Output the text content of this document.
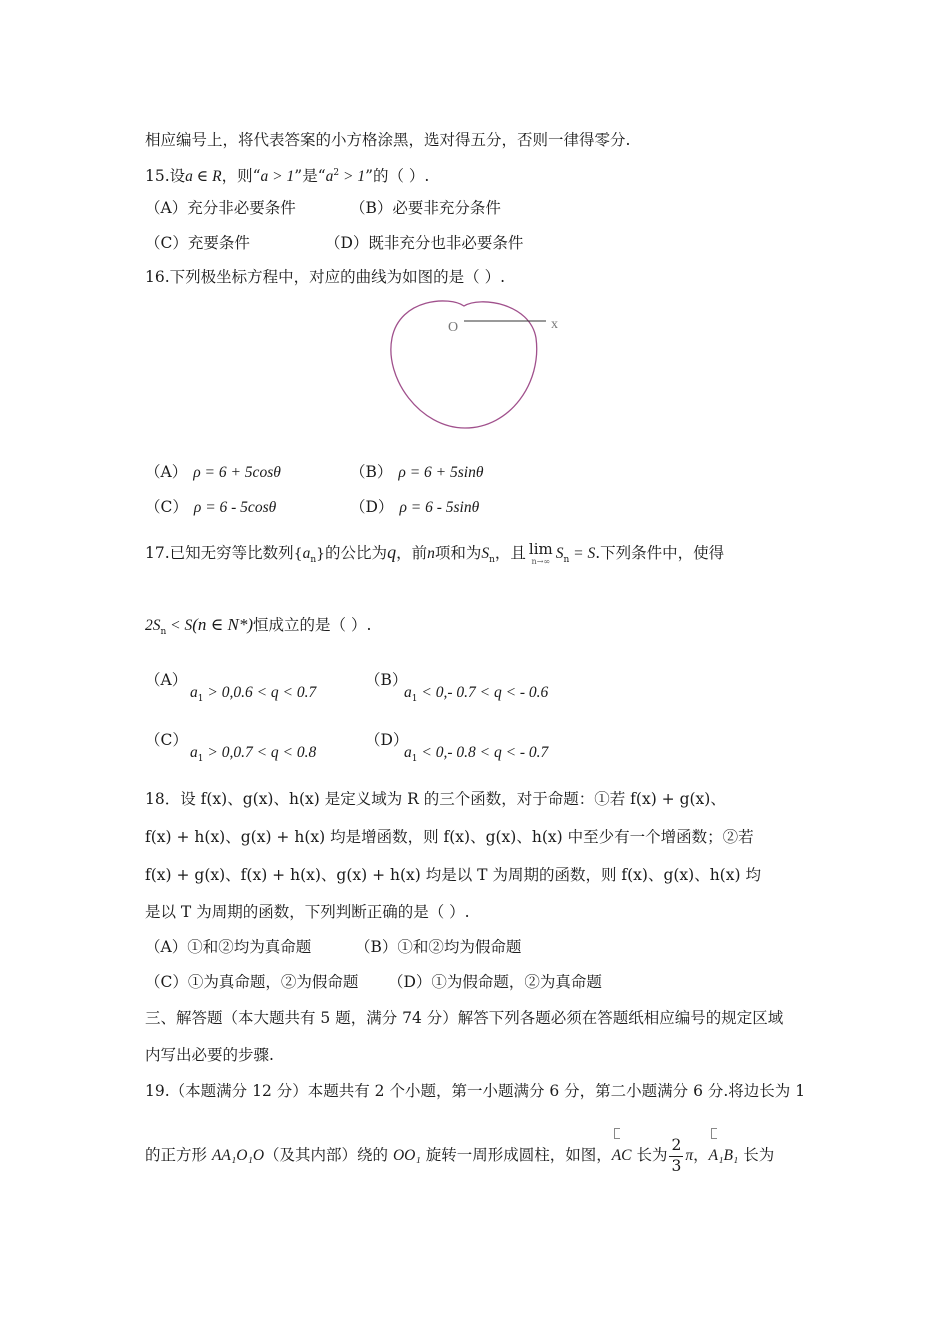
相应编号上，将代表答案的小方格涂黑，选对得五分，否则一律得零分.
15.设a ∈ R，则“a > 1”是“$a^2 > 1$”的（ ）.
（A）充分非必要条件	（B）必要非充分条件
（C）充要条件	（D）既非充分也非必要条件
16.下列极坐标方程中，对应的曲线为如图的是（ ）.
O	x
（A） ρ = 6 + 5cosθ	（B） ρ = 6 + 5sinθ
（C） ρ = 6 - 5cosθ	（D） ρ = 6 - 5sinθ
17.已知无穷等比数列$\{a_n\}$的公比为q，前n项和为$S_n$，且 lim
n→∞ $S_n = S$.下列条件中，使得
$2S_n < S(n$ ∈ N*)恒成立的是（ ）.
（A）
$a_1 > 0,0.6 < q < 0.7$
（B）
$a_1 < 0,-$ 0.7 < q < - 0.6
（C）
$a_1 > 0,0.7 < q < 0.8$
（D）
$a_1 < 0,-$ 0.8 < q < - 0.7
18．设 f(x)、g(x)、h(x) 是定义域为 R 的三个函数，对于命题：①若 f(x) + g(x)、
f(x) + h(x)、g(x) + h(x) 均是增函数，则 f(x)、g(x)、h(x) 中至少有一个增函数；②若
f(x) + g(x)、f(x) + h(x)、g(x) + h(x) 均是以 T 为周期的函数，则 f(x)、g(x)、h(x) 均
是以 T 为周期的函数，下列判断正确的是（ ）.
（A）①和②均为真命题	（B）①和②均为假命题
（C）①为真命题，②为假命题 （D）①为假命题，②为真命题
三、解答题（本大题共有 5 题，满分 74 分）解答下列各题必须在答题纸相应编号的规定区域
内写出必要的步骤.
19.（本题满分 12 分）本题共有 2 个小题，第一小题满分 6 分，第二小题满分 6 分.将边长为 1
的正方形 AA₁O₁O（及其内部）绕的 OO₁ 旋转一周形成圆柱，如图，AC 长为 $\frac{2}{3}$ π，A₁B₁ 长为
